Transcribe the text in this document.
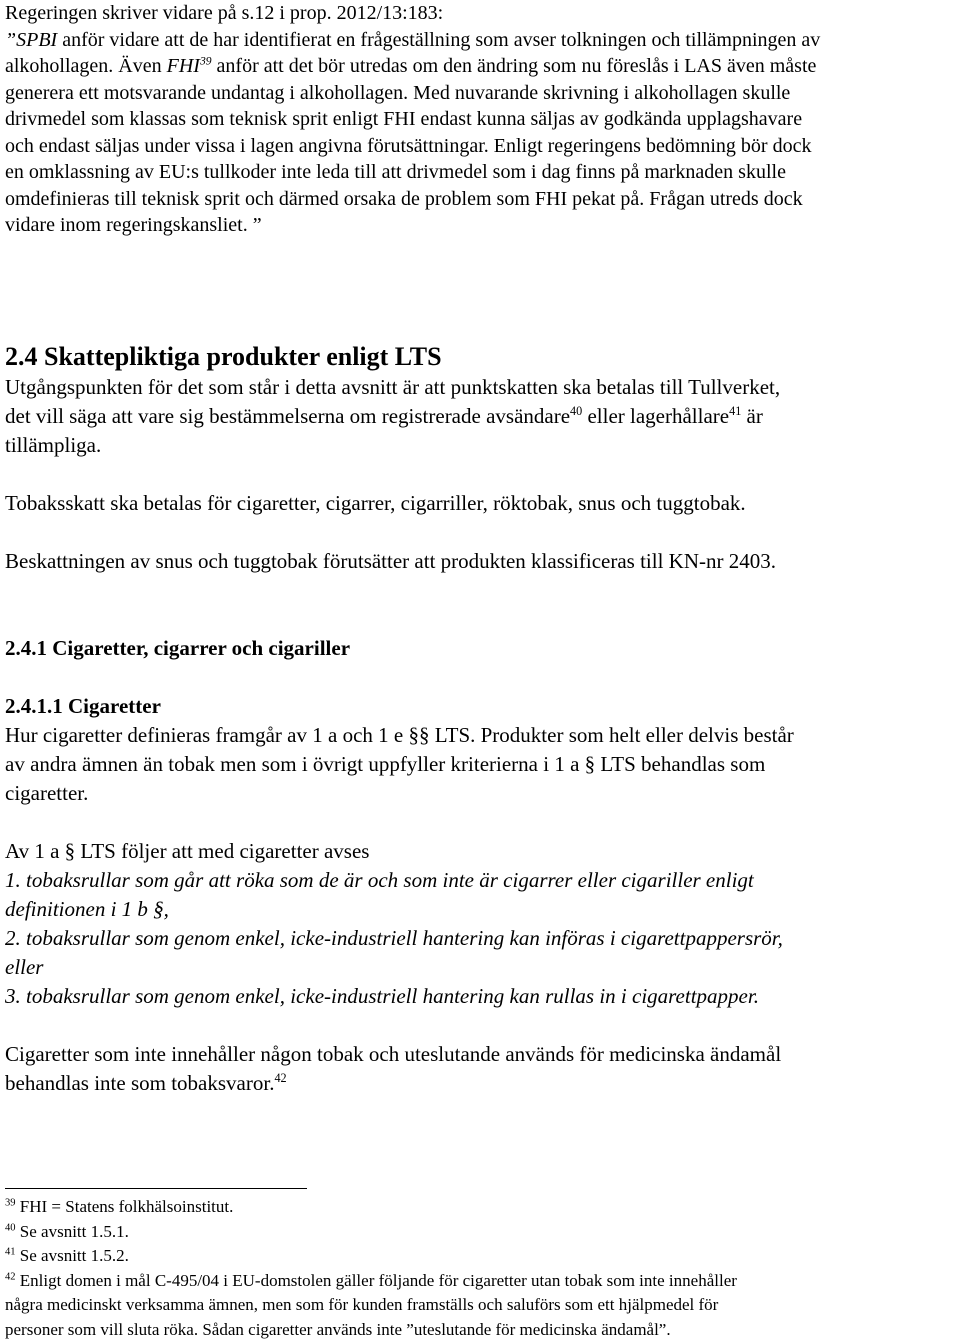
Regeringen skriver vidare på s.12 i prop. 2012/13:183:
”SPBI anför vidare att de har identifierat en frågeställning som avser tolkningen och tillämpningen av
alkohollagen. Även FHI$^{39}$ anför att det bör utredas om den ändring som nu föreslås i LAS även måste
generera ett motsvarande undantag i alkohollagen. Med nuvarande skrivning i alkohollagen skulle
drivmedel som klassas som teknisk sprit enligt FHI endast kunna säljas av godkända upplagshavare
och endast säljas under vissa i lagen angivna förutsättningar. Enligt regeringens bedömning bör dock
en omklassning av EU:s tullkoder inte leda till att drivmedel som i dag finns på marknaden skulle
omdefinieras till teknisk sprit och därmed orsaka de problem som FHI pekat på. Frågan utreds dock
vidare inom regeringskansliet. ”
2.4 Skattepliktiga produkter enligt LTS

Utgångspunkten för det som står i detta avsnitt är att punktskatten ska betalas till Tullverket,
det vill säga att vare sig bestämmelserna om registrerade avsändare$^{40}$ eller lagerhållare$^{41}$ är
tillämpliga.

Tobaksskatt ska betalas för cigaretter, cigarrer, cigarriller, röktobak, snus och tuggtobak.

Beskattningen av snus och tuggtobak förutsätter att produkten klassificeras till KN-nr 2403.

2.4.1 Cigaretter, cigarrer och cigariller
2.4.1.1 Cigaretter

Hur cigaretter definieras framgår av 1 a och 1 e §§ LTS. Produkter som helt eller delvis består
av andra ämnen än tobak men som i övrigt uppfyller kriterierna i 1 a § LTS behandlas som
cigaretter.

Av 1 a § LTS följer att med cigaretter avses
1. tobaksrullar som går att röka som de är och som inte är cigarrer eller cigariller enligt
definitionen i 1 b §,
2. tobaksrullar som genom enkel, icke-industriell hantering kan införas i cigarettpappersrör,
eller
3. tobaksrullar som genom enkel, icke-industriell hantering kan rullas in i cigarettpapper.

Cigaretter som inte innehåller någon tobak och uteslutande används för medicinska ändamål
behandlas inte som tobaksvaror.$^{42}$

$^{39}$ FHI = Statens folkhälsoinstitut.
$^{40}$ Se avsnitt 1.5.1.
$^{41}$ Se avsnitt 1.5.2.
$^{42}$ Enligt domen i mål C-495/04 i EU-domstolen gäller följande för cigaretter utan tobak som inte innehåller
några medicinskt verksamma ämnen, men som för kunden framställs och saluförs som ett hjälpmedel för
personer som vill sluta röka. Sådan cigaretter används inte ”uteslutande för medicinska ändamål”.
